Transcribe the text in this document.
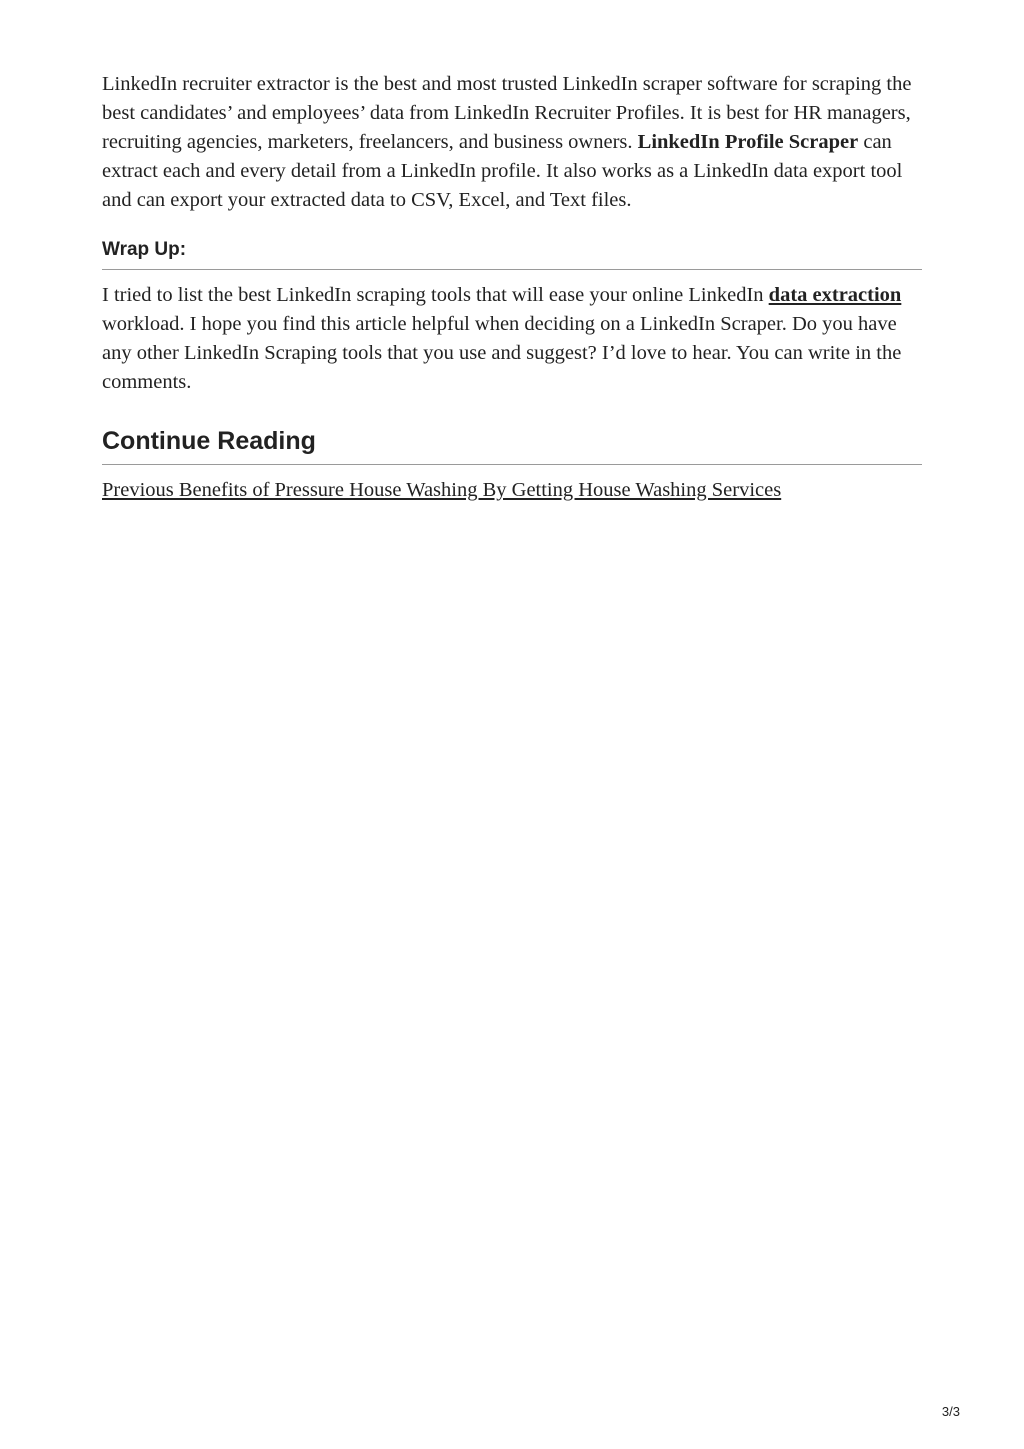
LinkedIn recruiter extractor is the best and most trusted LinkedIn scraper software for scraping the best candidates’ and employees’ data from LinkedIn Recruiter Profiles. It is best for HR managers, recruiting agencies, marketers, freelancers, and business owners. LinkedIn Profile Scraper can extract each and every detail from a LinkedIn profile. It also works as a LinkedIn data export tool and can export your extracted data to CSV, Excel, and Text files.

Wrap Up:

I tried to list the best LinkedIn scraping tools that will ease your online LinkedIn data extraction workload. I hope you find this article helpful when deciding on a LinkedIn Scraper. Do you have any other LinkedIn Scraping tools that you use and suggest? I’d love to hear. You can write in the comments.

Continue Reading

Previous Benefits of Pressure House Washing By Getting House Washing Services

3/3
